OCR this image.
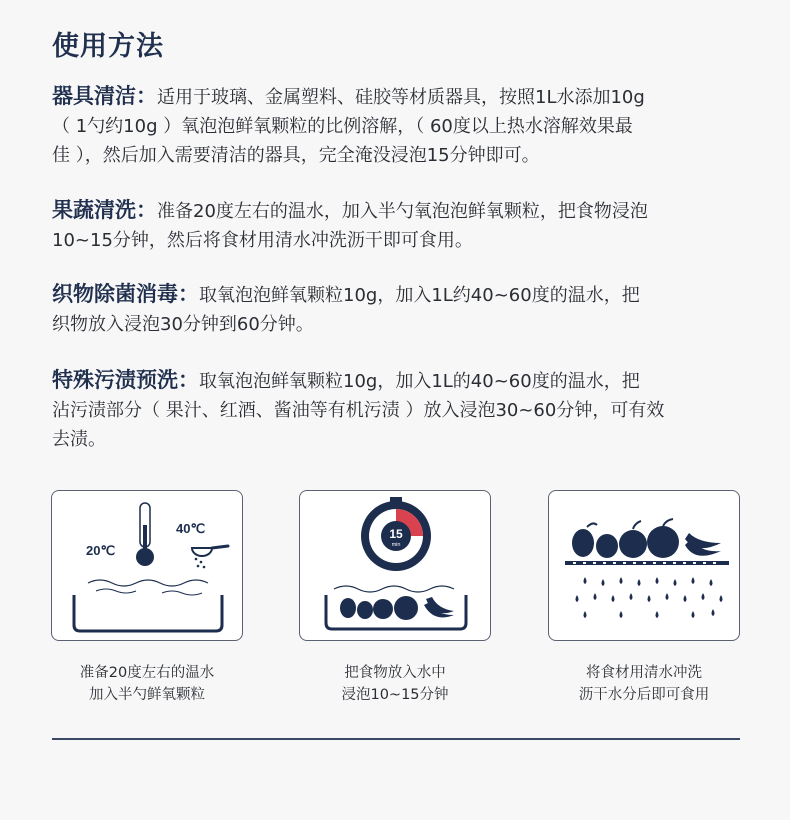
使用方法
器具清洁：适用于玻璃、金属塑料、硅胶等材质器具，按照1L水添加10g
（ 1勺约10g ）氧泡泡鲜氧颗粒的比例溶解，（ 60度以上热水溶解效果最
佳 ），然后加入需要清洁的器具，完全淹没浸泡15分钟即可。
果蔬清洗：准备20度左右的温水，加入半勺氧泡泡鲜氧颗粒，把食物浸泡
10~15分钟，然后将食材用清水冲洗沥干即可食用。
织物除菌消毒：取氧泡泡鲜氧颗粒10g，加入1L约40~60度的温水，把
织物放入浸泡30分钟到60分钟。
特殊污渍预洗：取氧泡泡鲜氧颗粒10g，加入1L的40~60度的温水，把
沾污渍部分（ 果汁、红酒、酱油等有机污渍 ）放入浸泡30~60分钟，可有效
去渍。
20℃
40℃
准备20度左右的温水
加入半勺鲜氧颗粒
15
min
把食物放入水中
浸泡10~15分钟
将食材用清水冲洗
沥干水分后即可食用
